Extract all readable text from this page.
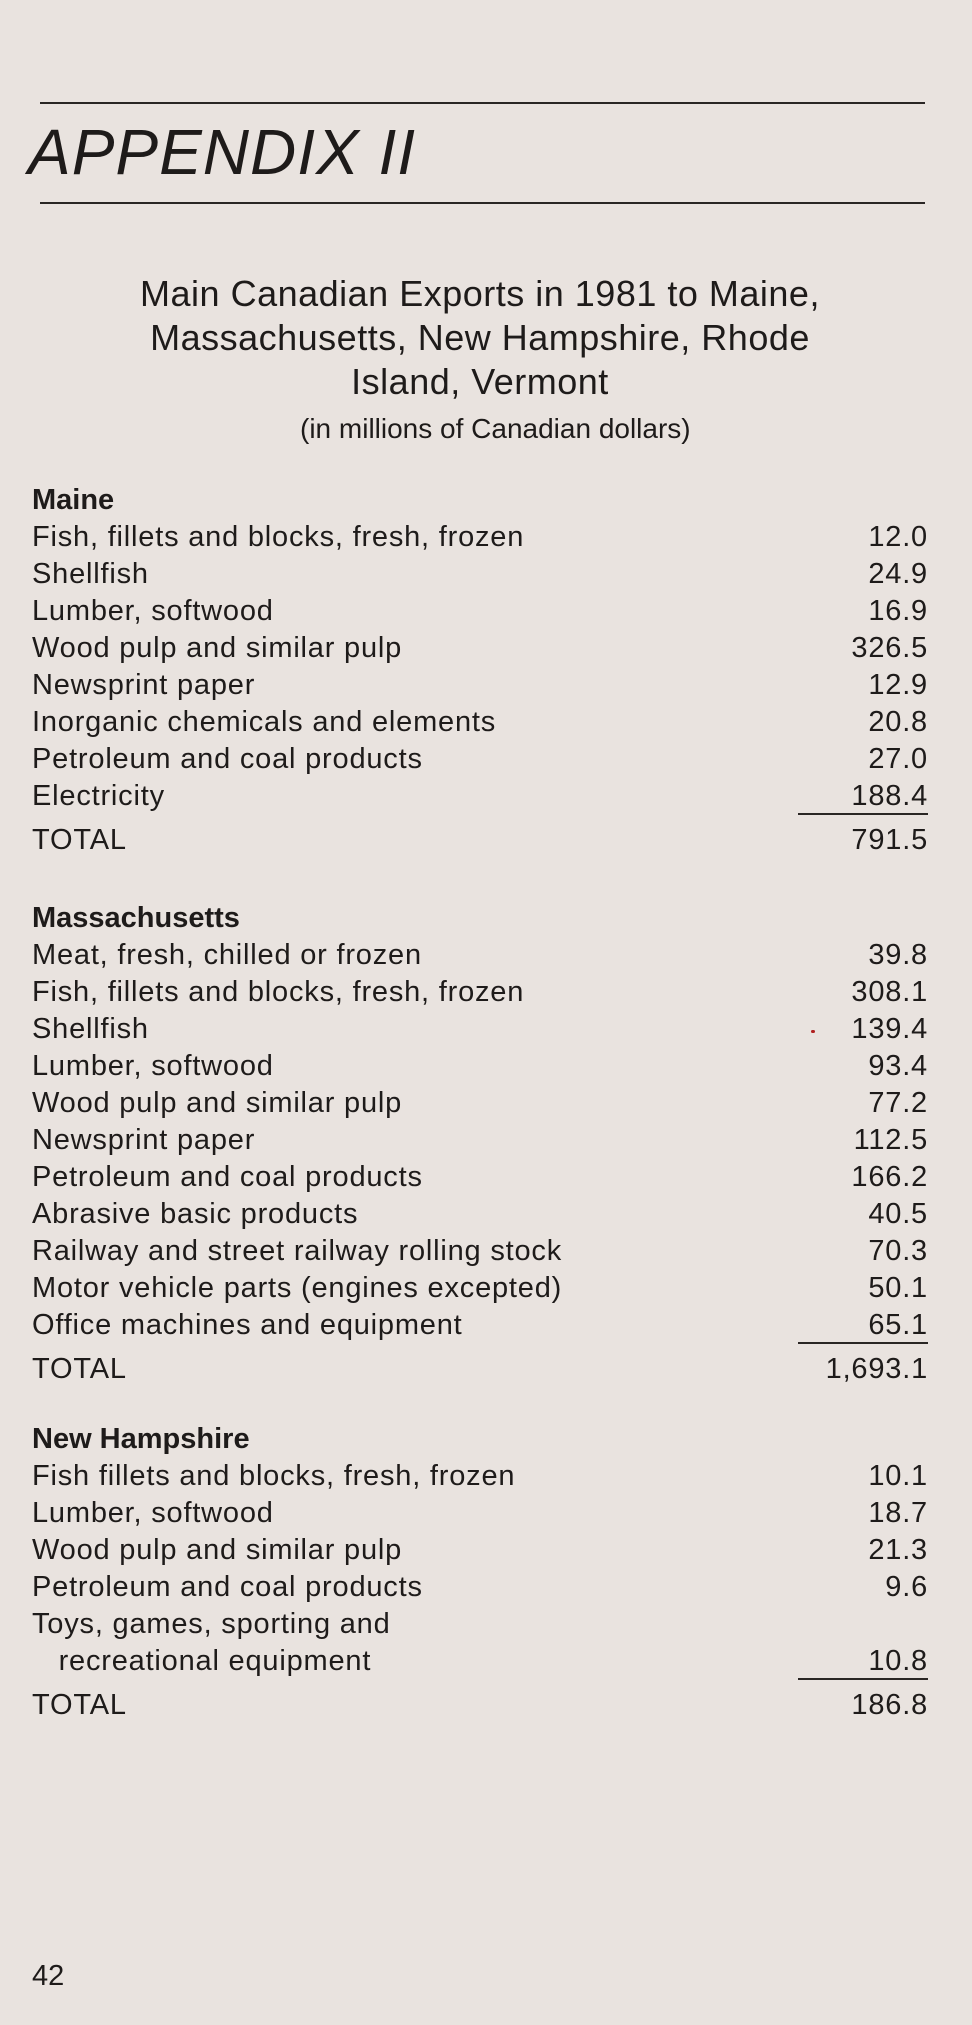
APPENDIX II
Main Canadian Exports in 1981 to Maine,
Massachusetts, New Hampshire, Rhode
Island, Vermont
(in millions of Canadian dollars)
Maine
Fish, fillets and blocks, fresh, frozen	12.0
Shellfish	24.9
Lumber, softwood	16.9
Wood pulp and similar pulp	326.5
Newsprint paper	12.9
Inorganic chemicals and elements	20.8
Petroleum and coal products	27.0
Electricity	188.4
TOTAL	791.5
Massachusetts
Meat, fresh, chilled or frozen	39.8
Fish, fillets and blocks, fresh, frozen	308.1
Shellfish	139.4
Lumber, softwood	93.4
Wood pulp and similar pulp	77.2
Newsprint paper	112.5
Petroleum and coal products	166.2
Abrasive basic products	40.5
Railway and street railway rolling stock	70.3
Motor vehicle parts (engines excepted)	50.1
Office machines and equipment	65.1
TOTAL	1,693.1
New Hampshire
Fish fillets and blocks, fresh, frozen	10.1
Lumber, softwood	18.7
Wood pulp and similar pulp	21.3
Petroleum and coal products	9.6
Toys, games, sporting and
recreational equipment	10.8
TOTAL	186.8
42
